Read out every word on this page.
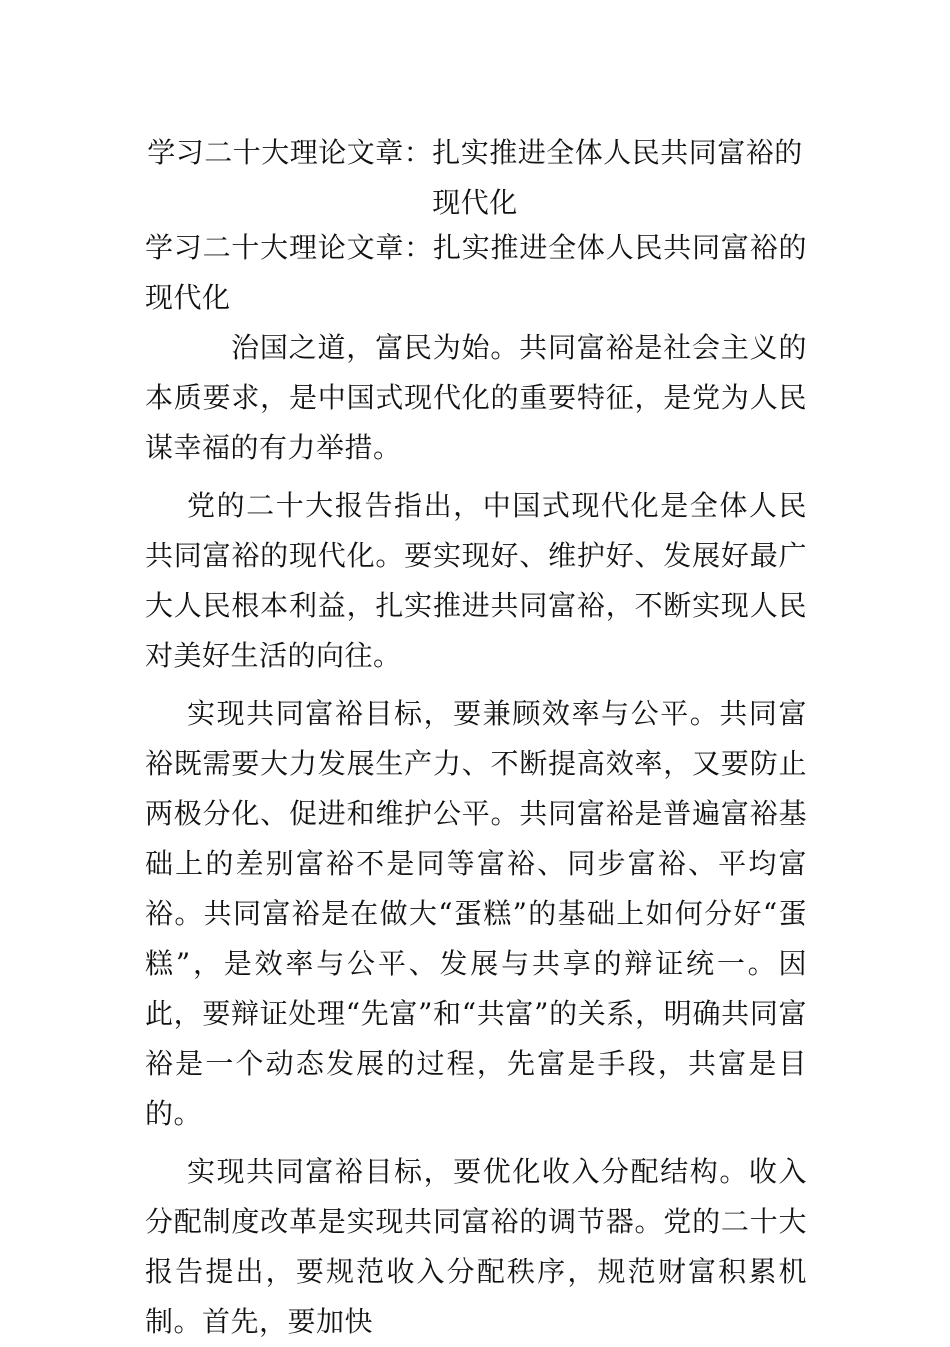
学习二十大理论文章：扎实推进全体人民共同富裕的现代化

学习二十大理论文章：扎实推进全体人民共同富裕的现代化

治国之道，富民为始。共同富裕是社会主义的本质要求，是中国式现代化的重要特征，是党为人民谋幸福的有力举措。

党的二十大报告指出，中国式现代化是全体人民共同富裕的现代化。要实现好、维护好、发展好最广大人民根本利益，扎实推进共同富裕，不断实现人民对美好生活的向往。

实现共同富裕目标，要兼顾效率与公平。共同富裕既需要大力发展生产力、不断提高效率，又要防止两极分化、促进和维护公平。共同富裕是普遍富裕基础上的差别富裕不是同等富裕、同步富裕、平均富裕。共同富裕是在做大“蛋糕”的基础上如何分好“蛋糕”，是效率与公平、发展与共享的辩证统一。因此，要辩证处理“先富”和“共富”的关系，明确共同富裕是一个动态发展的过程，先富是手段，共富是目的。

实现共同富裕目标，要优化收入分配结构。收入分配制度改革是实现共同富裕的调节器。党的二十大报告提出，要规范收入分配秩序，规范财富积累机制。首先，要加快
